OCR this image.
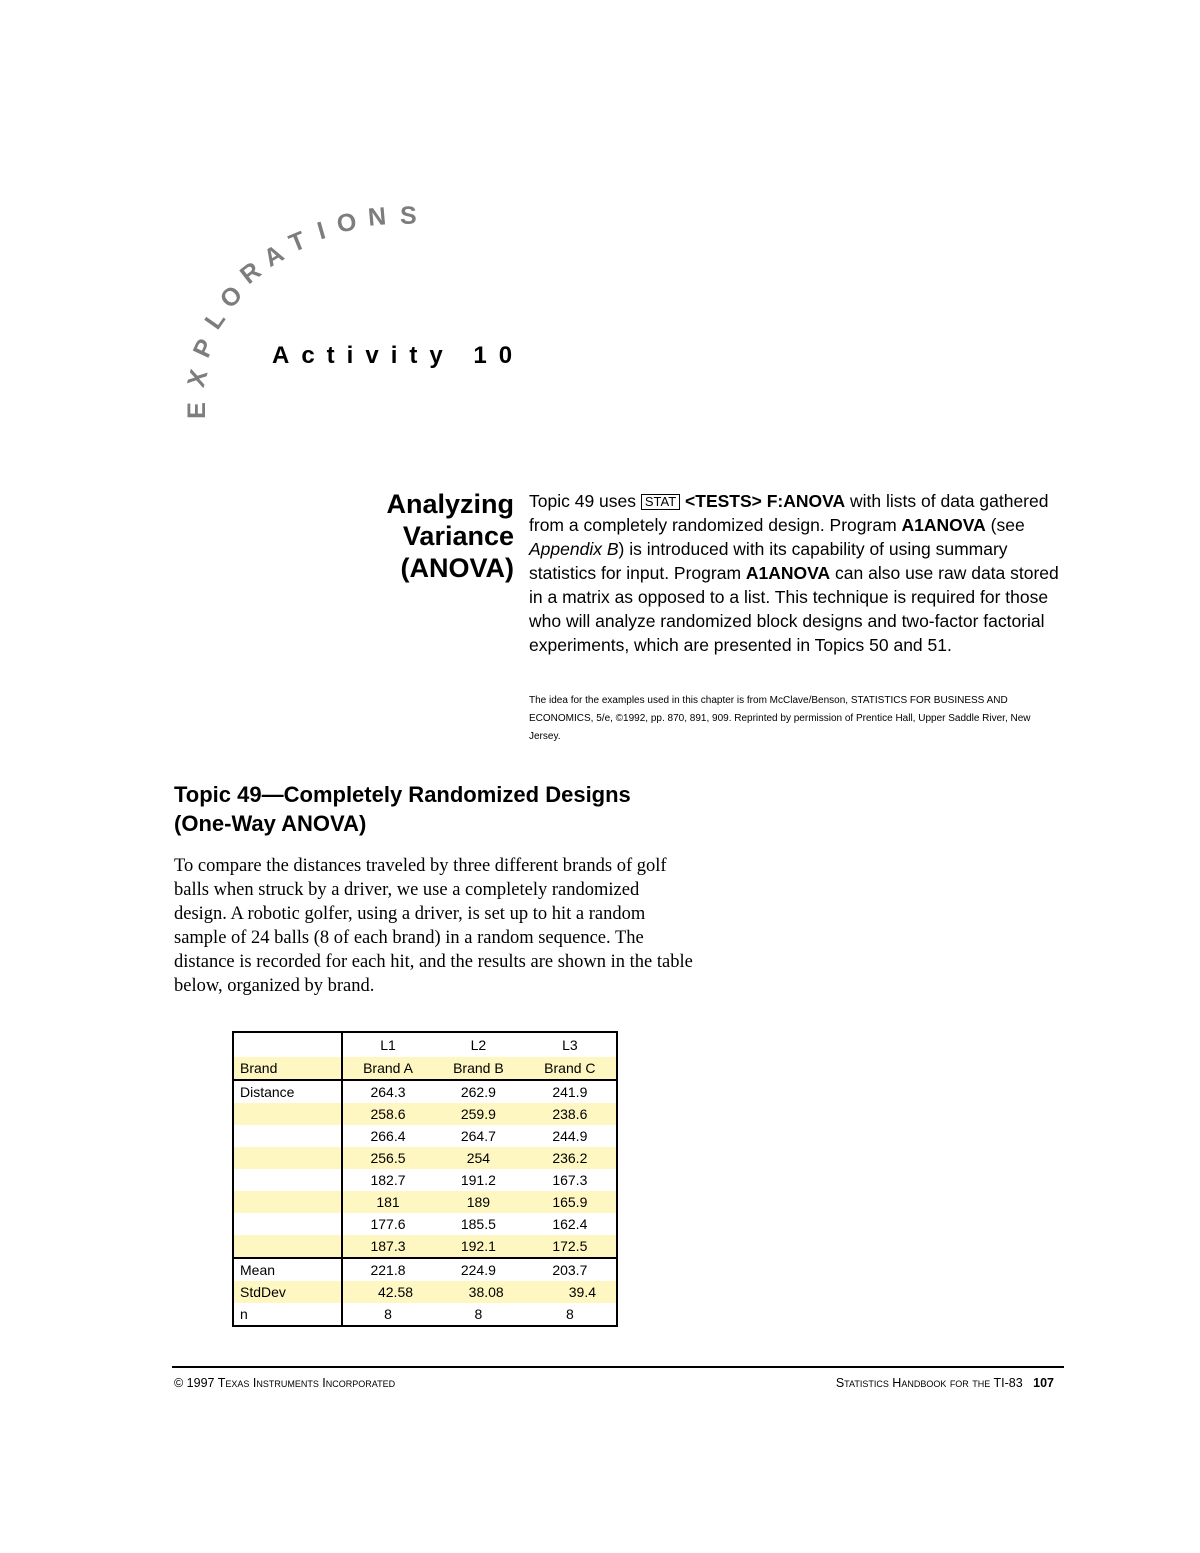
E
X
P
L
O
R
A
T I O N S
Activity 10
Analyzing
Variance
(ANOVA)
Topic 49 uses STAT <TESTS> F:ANOVA with lists of data gathered from a completely randomized design. Program A1ANOVA (see Appendix B) is introduced with its capability of using summary statistics for input. Program A1ANOVA can also use raw data stored in a matrix as opposed to a list. This technique is required for those who will analyze randomized block designs and two-factor factorial experiments, which are presented in Topics 50 and 51.
The idea for the examples used in this chapter is from McClave/Benson, STATISTICS FOR BUSINESS AND ECONOMICS, 5/e, ©1992, pp. 870, 891, 909. Reprinted by permission of Prentice Hall, Upper Saddle River, New Jersey.
Topic 49—Completely Randomized Designs
(One-Way ANOVA)
To compare the distances traveled by three different brands of golf balls when struck by a driver, we use a completely randomized design. A robotic golfer, using a driver, is set up to hit a random sample of 24 balls (8 of each brand) in a random sequence. The distance is recorded for each hit, and the results are shown in the table below, organized by brand.
	L1	L2	L3
Brand	Brand A	Brand B	Brand C
Distance	264.3	262.9	241.9
	258.6	259.9	238.6
	266.4	264.7	244.9
	256.5	254	236.2
	182.7	191.2	167.3
	181	189	165.9
	177.6	185.5	162.4
	187.3	192.1	172.5
Mean	221.8	224.9	203.7
StdDev	42.58	38.08	39.4
n	8	8	8
© 1997 Texas Instruments Incorporated	Statistics Handbook for the TI-83 107
